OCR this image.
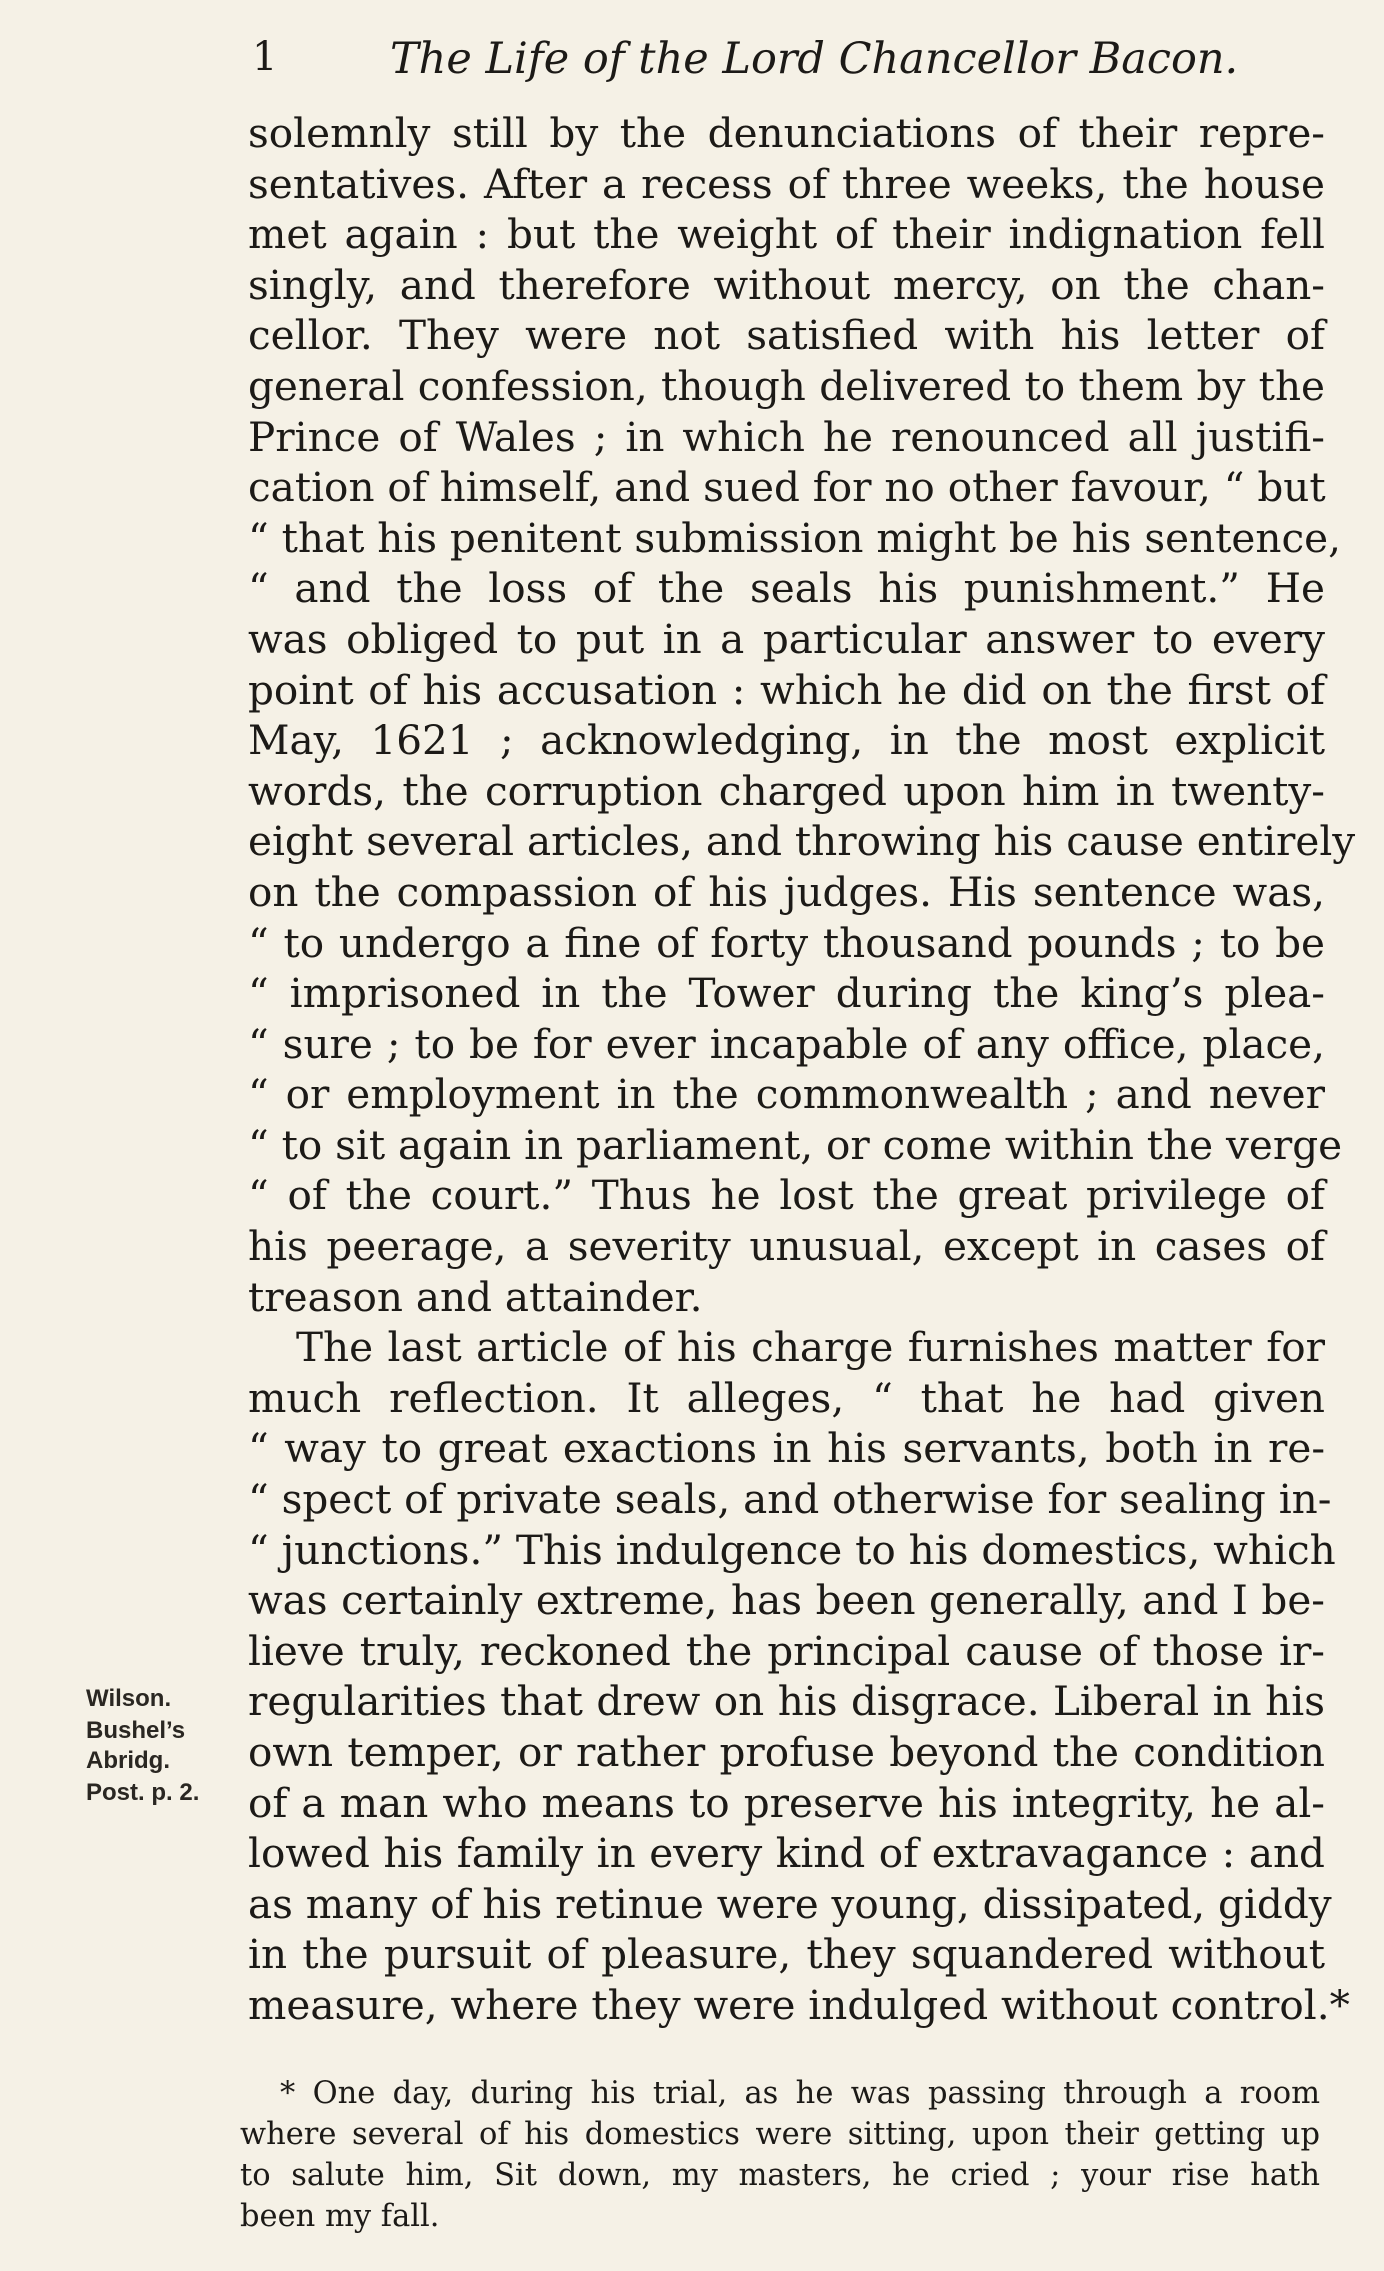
1	The Life of the Lord Chancellor Bacon.
solemnly still by the denunciations of their repre-
sentatives. After a recess of three weeks, the house
met again : but the weight of their indignation fell
singly, and therefore without mercy, on the chan-
cellor. They were not satisfied with his letter of
general confession, though delivered to them by the
Prince of Wales ; in which he renounced all justifi-
cation of himself, and sued for no other favour, “ but
“ that his penitent submission might be his sentence,
“ and the loss of the seals his punishment.” He
was obliged to put in a particular answer to every
point of his accusation : which he did on the first of
May, 1621 ; acknowledging, in the most explicit
words, the corruption charged upon him in twenty-
eight several articles, and throwing his cause entirely
on the compassion of his judges. His sentence was,
“ to undergo a fine of forty thousand pounds ; to be
“ imprisoned in the Tower during the king’s plea-
“ sure ; to be for ever incapable of any office, place,
“ or employment in the commonwealth ; and never
“ to sit again in parliament, or come within the verge
“ of the court.” Thus he lost the great privilege of
his peerage, a severity unusual, except in cases of
treason and attainder.
The last article of his charge furnishes matter for
much reflection. It alleges, “ that he had given
“ way to great exactions in his servants, both in re-
“ spect of private seals, and otherwise for sealing in-
“ junctions.” This indulgence to his domestics, which
was certainly extreme, has been generally, and I be-
lieve truly, reckoned the principal cause of those ir-
regularities that drew on his disgrace. Liberal in his
own temper, or rather profuse beyond the condition
of a man who means to preserve his integrity, he al-
lowed his family in every kind of extravagance : and
as many of his retinue were young, dissipated, giddy
in the pursuit of pleasure, they squandered without
measure, where they were indulged without control.*
Wilson.
Bushel’s
Abridg.
Post. p. 2.
* One day, during his trial, as he was passing through a room
where several of his domestics were sitting, upon their getting up
to salute him, Sit down, my masters, he cried ; your rise hath
been my fall.
